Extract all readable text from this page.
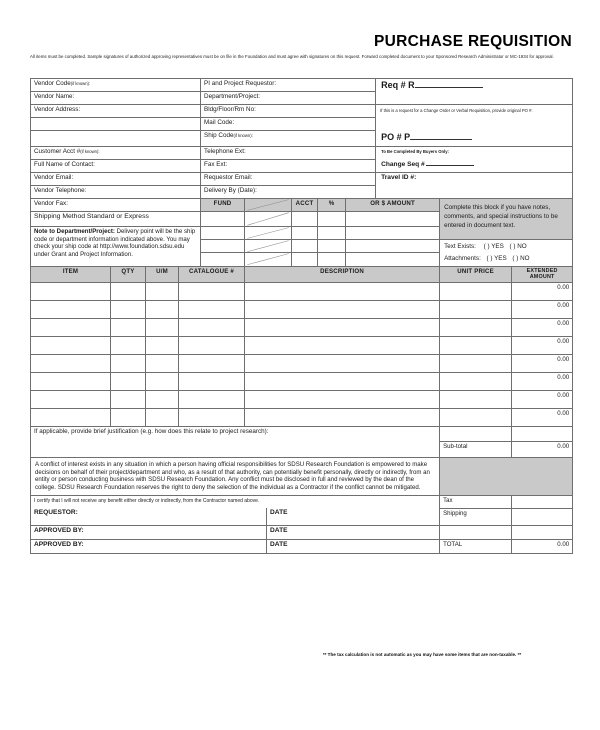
PURCHASE REQUISITION
All items must be completed. Sample signatures of authorized approving representatives must be on file in the Foundation and must agree with signatures on this request. Forward completed document to your Sponsored Research Administrator or MC-1934 for approval.
Vendor Code(if known):				PI and Project Requestor:						Req # R		
Vendor Name:				Department/Project:								
Vendor Address:				Bldg/Floor/Rm No:						If this is a request for a Change Order or Verbal Requisition, provide original PO #:		
				Mail Code:								
				Ship Code(if known):						PO # P		
Customer Acct #(if known):				Telephone Ext:						To Be Completed By Buyers Only:		
Full Name of Contact:				Fax Ext:						Change Seq #		
Vendor Email:				Requestor Email:						Travel ID #:		
Vendor Telephone:				Delivery By (Date):								
Vendor Fax:				FUND			ACCT	%	OR $ AMOUNT		Complete this block if you have notes, comments, and special instructions to be entered in document text.	
Shipping Method Standard or Express		

Note to Department/Project: Delivery point will be the ship code or department information indicated above. You may check your ship code at http://www.foundation.sdsu.edu under Grant and Project Information.		

Text Exists: ( ) YES ( ) NO
Attachments: ( ) YES ( ) NO	

ITEM	QTY	U/M	CATALOGUE #		DESCRIPTION						UNIT PRICE	EXTENDED AMOUNT
												0.00
												0.00
												0.00
												0.00
												0.00
												0.00
												0.00
												0.00
If applicable, provide brief justification (e.g. how does this relate to project research):												
											Sub-total	0.00
A conflict of interest exists in any situation in which a person having official responsibilities for SDSU Research Foundation is empowered to make decisions on behalf of their project/department and who, as a result of that authority, can potentially benefit personally, directly or indirectly, from an entity or person conducting business with SDSU Research Foundation. Any conflict must be disclosed in full and reviewed by the dean of the college. SDSU Research Foundation reserves the right to deny the selection of the individual as a Contractor if the conflict cannot be mitigated.												
I certify that I will not receive any benefit either directly or indirectly, from the Contractor named above.											Tax	
REQUESTOR:						DATE					Shipping	
APPROVED BY:						DATE						
APPROVED BY:						DATE					TOTAL	0.00
** The tax calculation is not automatic as you may have some items that are non-taxable. **
